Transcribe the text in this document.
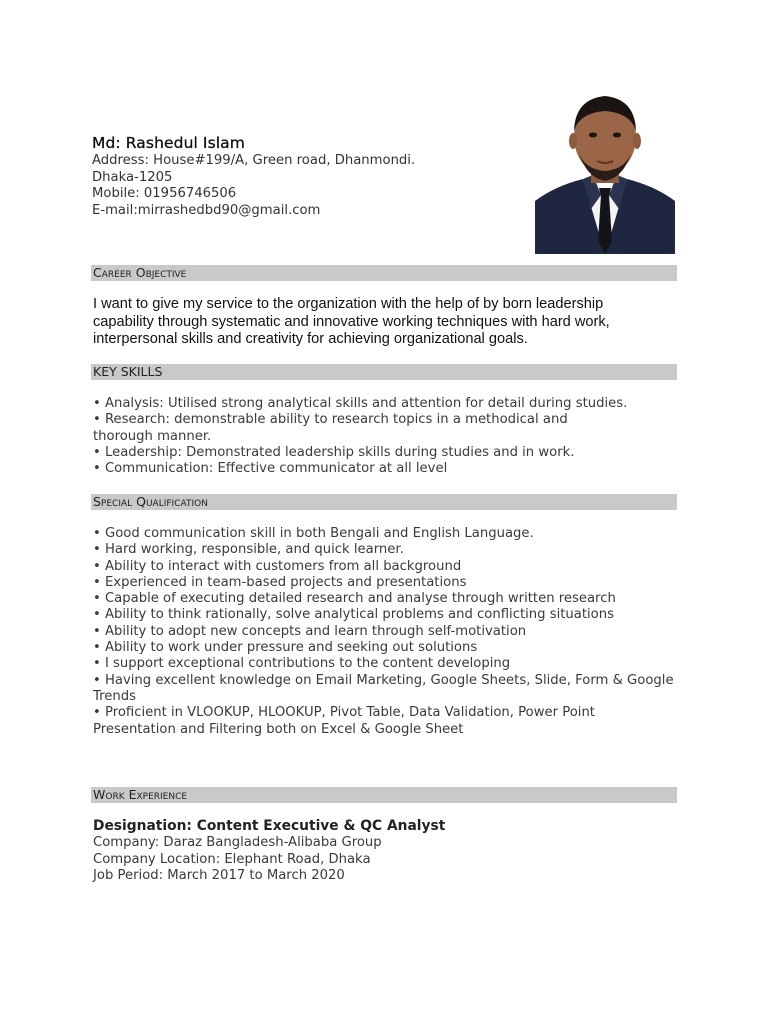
Md: Rashedul Islam
Address: House#199/A, Green road, Dhanmondi.
Dhaka-1205
Mobile: 01956746506
E-mail:mirrashedbd90@gmail.com
Career Objective
I want to give my service to the organization with the help of by born leadership capability through systematic and innovative working techniques with hard work, interpersonal skills and creativity for achieving organizational goals.
KEY SKILLS
• Analysis: Utilised strong analytical skills and attention for detail during studies.
• Research: demonstrable ability to research topics in a methodical and thorough manner.
• Leadership: Demonstrated leadership skills during studies and in work.
• Communication: Effective communicator at all level
Special Qualification
• Good communication skill in both Bengali and English Language.
• Hard working, responsible, and quick learner.
• Ability to interact with customers from all background
• Experienced in team-based projects and presentations
• Capable of executing detailed research and analyse through written research
• Ability to think rationally, solve analytical problems and conflicting situations
• Ability to adopt new concepts and learn through self-motivation
• Ability to work under pressure and seeking out solutions
• I support exceptional contributions to the content developing
• Having excellent knowledge on Email Marketing, Google Sheets, Slide, Form & Google Trends
• Proficient in VLOOKUP, HLOOKUP, Pivot Table, Data Validation, Power Point Presentation and Filtering both on Excel & Google Sheet
Work Experience
Designation: Content Executive & QC Analyst
Company: Daraz Bangladesh-Alibaba Group
Company Location: Elephant Road, Dhaka
Job Period: March 2017 to March 2020
